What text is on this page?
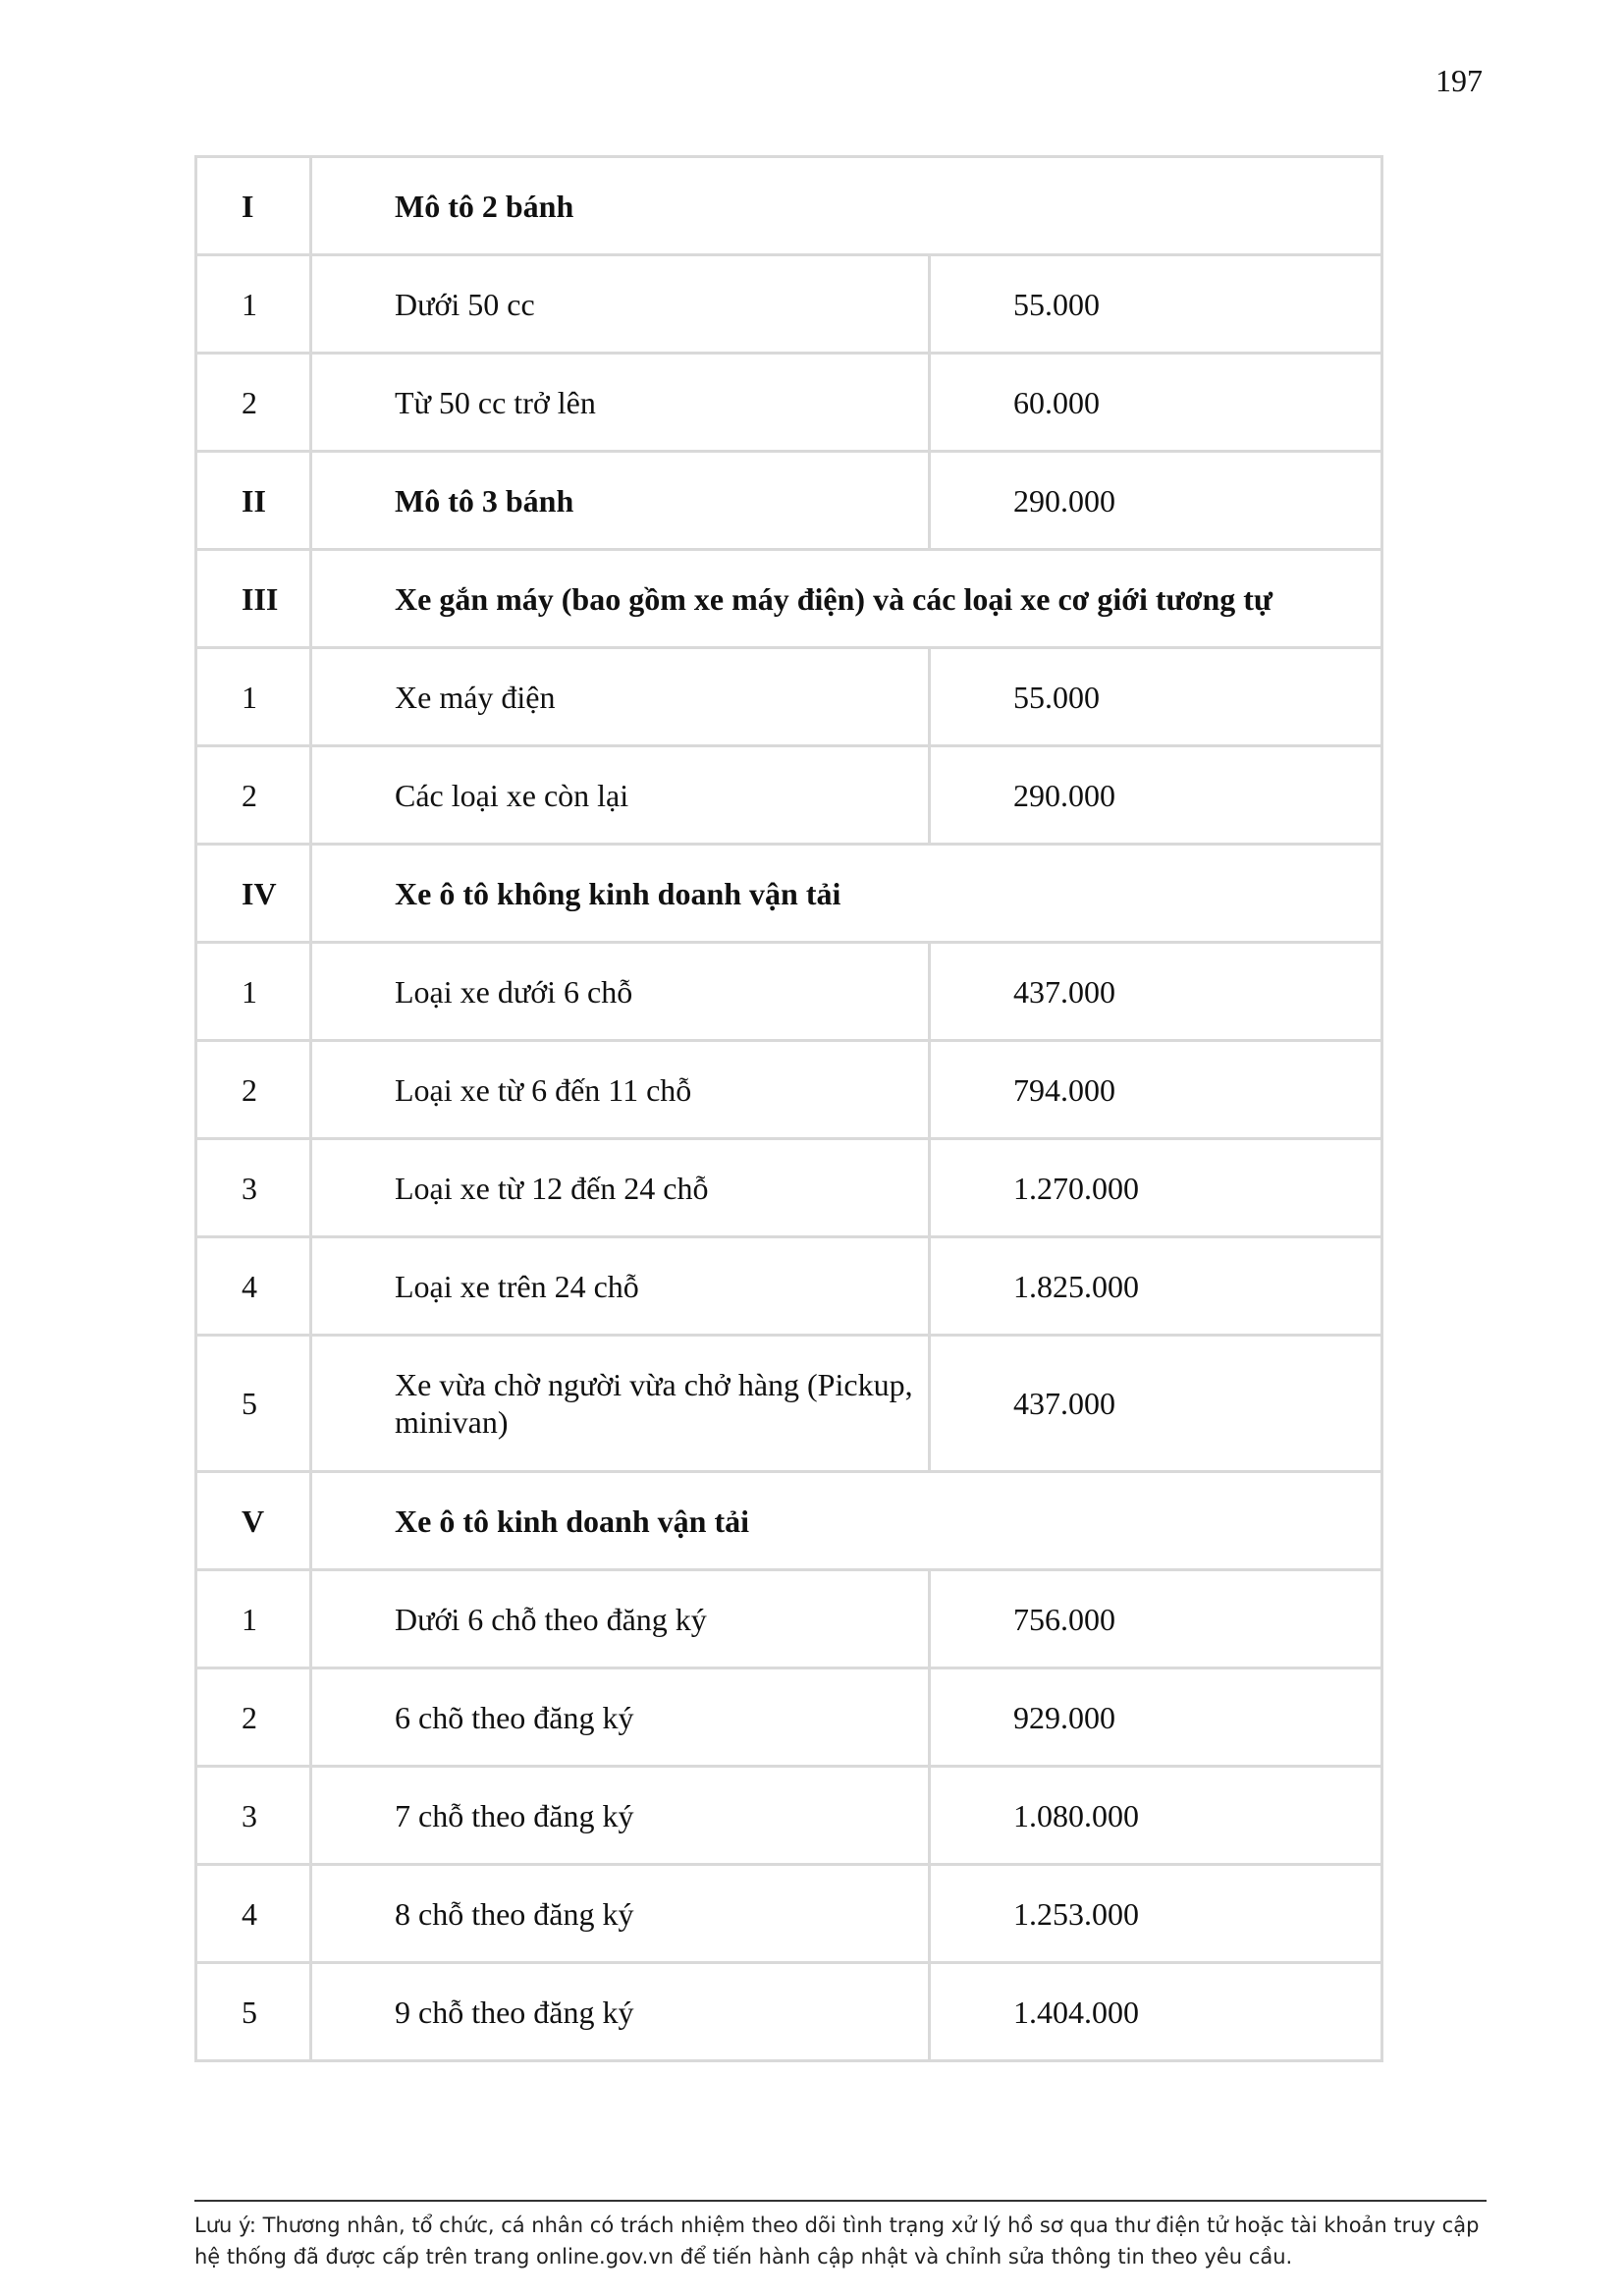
197
I	Mô tô 2 bánh	
1	Dưới 50 cc	55.000
2	Từ 50 cc trở lên	60.000
II	Mô tô 3 bánh	290.000
III	Xe gắn máy (bao gồm xe máy điện) và các loại xe cơ giới tương tự	
1	Xe máy điện	55.000
2	Các loại xe còn lại	290.000
IV	Xe ô tô không kinh doanh vận tải	
1	Loại xe dưới 6 chỗ	437.000
2	Loại xe từ 6 đến 11 chỗ	794.000
3	Loại xe từ 12 đến 24 chỗ	1.270.000
4	Loại xe trên 24 chỗ	1.825.000
5	Xe vừa chờ người vừa chở hàng (Pickup, minivan)	437.000
V	Xe ô tô kinh doanh vận tải	
1	Dưới 6 chỗ theo đăng ký	756.000
2	6 chõ theo đăng ký	929.000
3	7 chỗ theo đăng ký	1.080.000
4	8 chỗ theo đăng ký	1.253.000
5	9 chỗ theo đăng ký	1.404.000
Lưu ý: Thương nhân, tổ chức, cá nhân có trách nhiệm theo dõi tình trạng xử lý hồ sơ qua thư điện tử hoặc tài khoản truy cập hệ thống đã được cấp trên trang online.gov.vn để tiến hành cập nhật và chỉnh sửa thông tin theo yêu cầu.
